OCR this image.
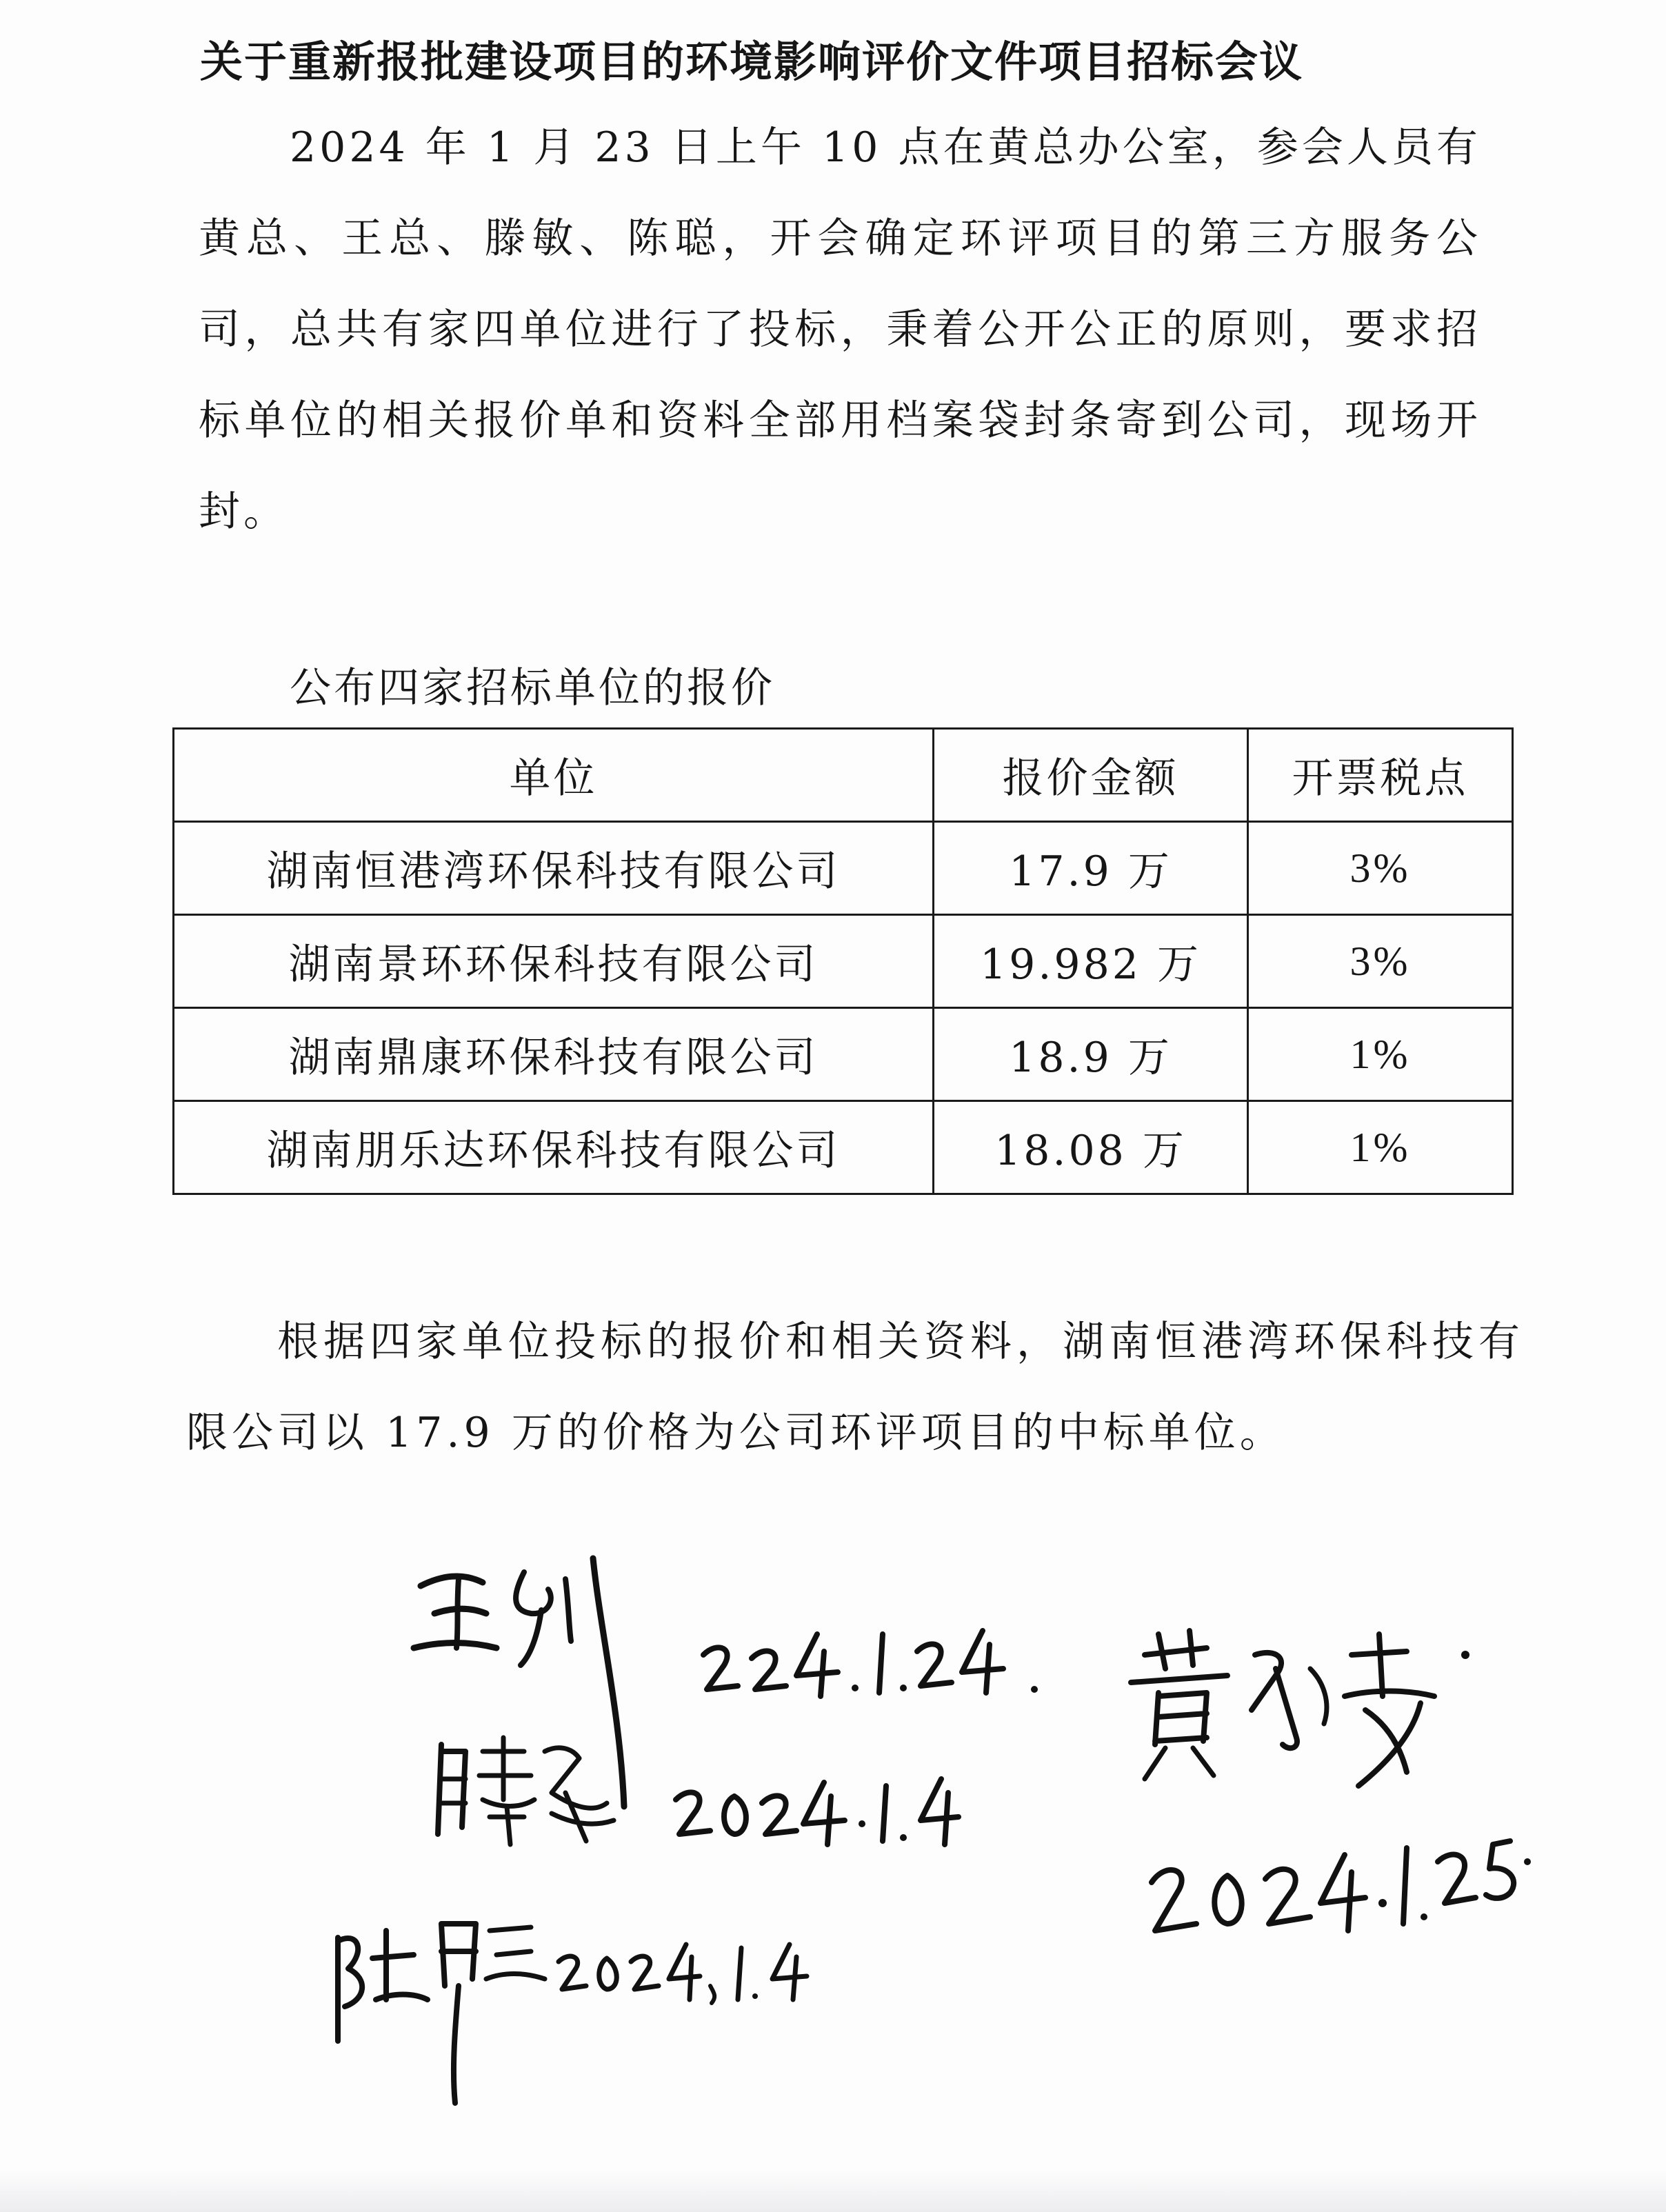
关于重新报批建设项目的环境影响评价文件项目招标会议
2024 年 1 月 23 日上午 10 点在黄总办公室，参会人员有黄总、王总、滕敏、陈聪，开会确定环评项目的第三方服务公司，总共有家四单位进行了投标，秉着公开公正的原则，要求招标单位的相关报价单和资料全部用档案袋封条寄到公司，现场开封。
公布四家招标单位的报价
单位	报价金额	开票税点
湖南恒港湾环保科技有限公司	17.9 万	3%
湖南景环环保科技有限公司	19.982 万	3%
湖南鼎康环保科技有限公司	18.9 万	1%
湖南朋乐达环保科技有限公司	18.08 万	1%
根据四家单位投标的报价和相关资料，湖南恒港湾环保科技有限公司以 17.9 万的价格为公司环评项目的中标单位。
